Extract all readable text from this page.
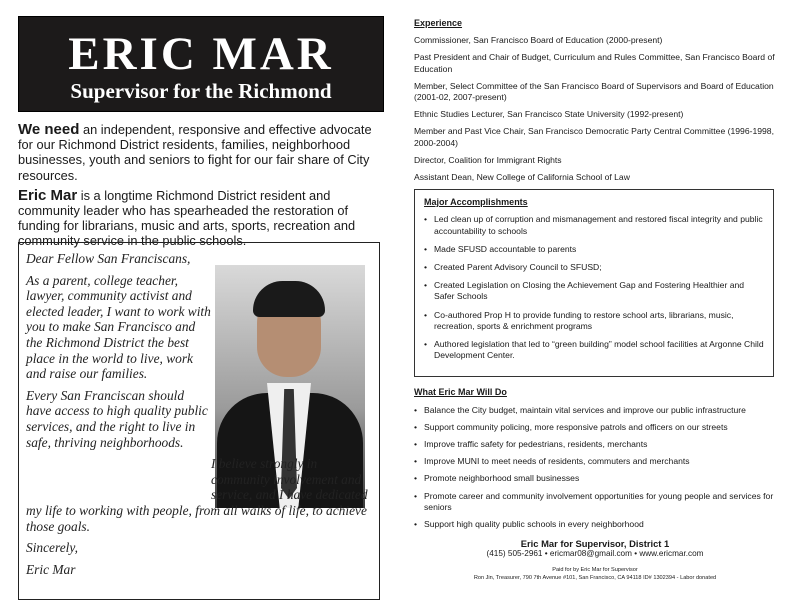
ERIC MAR
Supervisor for the Richmond

We need an independent, responsive and effective advocate for our Richmond District residents, families, neighborhood businesses, youth and seniors to fight for our fair share of City resources.

Eric Mar is a longtime Richmond District resident and community leader who has spearheaded the restoration of funding for librarians, music and arts, sports, recreation and community service in the public schools.

Dear Fellow San Franciscans,
As a parent, college teacher, lawyer, community activist and elected leader, I want to work with you to make San Francisco and the Richmond District the best place in the world to live, work and raise our families.
Every San Franciscan should have access to high quality public services, and the right to live in safe, thriving neighborhoods.
I believe strongly in community involvement and service, and I have dedicated my life to working with people, from all walks of life, to achieve those goals.
Sincerely,
Eric Mar
Experience
Commissioner, San Francisco Board of Education (2000-present)
Past President and Chair of Budget, Curriculum and Rules Committee, San Francisco Board of Education
Member, Select Committee of the San Francisco Board of Supervisors and Board of Education (2001-02, 2007-present)
Ethnic Studies Lecturer, San Francisco State University (1992-present)
Member and Past Vice Chair, San Francisco Democratic Party Central Committee (1996-1998, 2000-2004)
Director, Coalition for Immigrant Rights
Assistant Dean, New College of California School of Law
Major Accomplishments
• Led clean up of corruption and mismanagement and restored fiscal integrity and public accountability to schools
• Made SFUSD accountable to parents
• Created Parent Advisory Council to SFUSD;
• Created Legislation on Closing the Achievement Gap and Fostering Healthier and Safer Schools
• Co-authored Prop H to provide funding to restore school arts, librarians, music, recreation, sports & enrichment programs
• Authored legislation that led to “green building” model school facilities at Argonne Child Development Center.
What Eric Mar Will Do
• Balance the City budget, maintain vital services and improve our public infrastructure
• Support community policing, more responsive patrols and officers on our streets
• Improve traffic safety for pedestrians, residents, merchants
• Improve MUNI to meet needs of residents, commuters and merchants
• Promote neighborhood small businesses
• Promote career and community involvement opportunities for young people and services for seniors
• Support high quality public schools in every neighborhood
Eric Mar for Supervisor, District 1
(415) 505-2961 • ericmar08@gmail.com • www.ericmar.com
Paid for by Eric Mar for Supervisor
Ron Jin, Treasurer, 790 7th Avenue #101, San Francisco, CA 94118 ID# 1302394 - Labor donated
